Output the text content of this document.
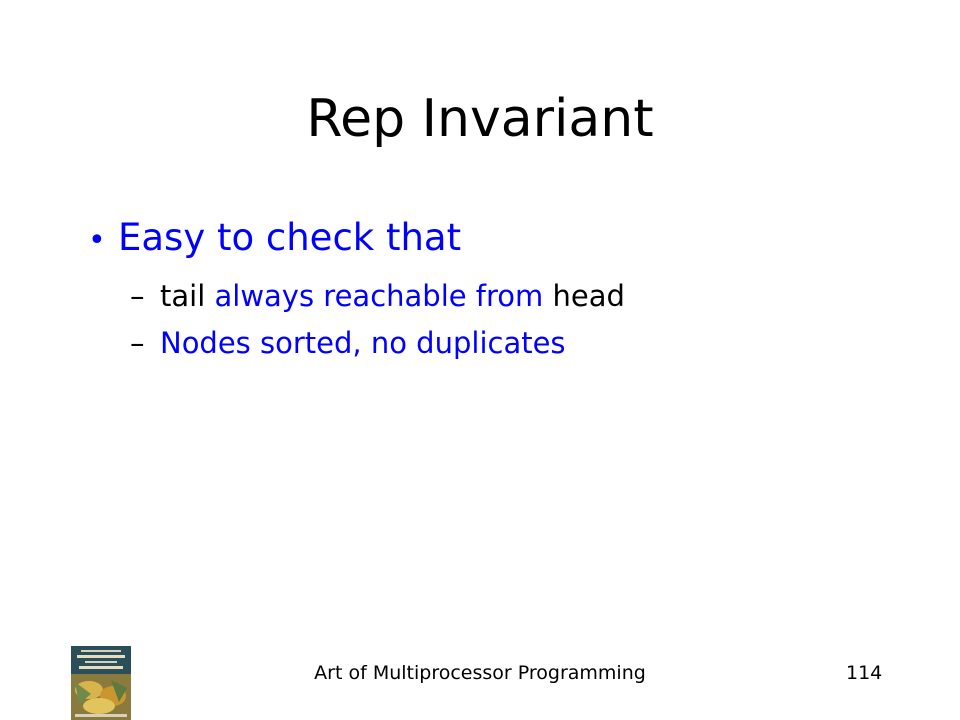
Rep Invariant
• Easy to check that
– tail always reachable from head
– Nodes sorted, no duplicates
Art of Multiprocessor Programming	114
